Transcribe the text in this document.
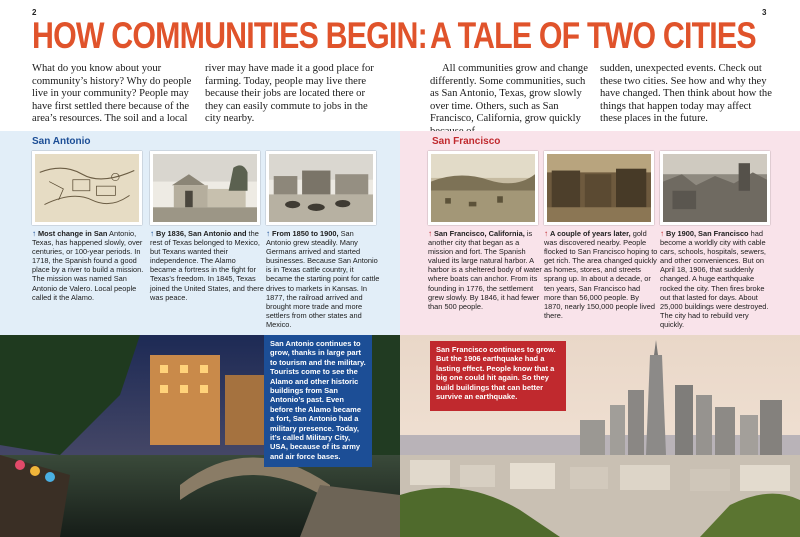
2	3
HOW COMMUNITIES BEGIN: A TALE OF TWO CITIES

What do you know about your community’s history? Why do people live in your community? People may have first settled there because of the area’s resources. The soil and a local

river may have made it a good place for farming. Today, people may live there because their jobs are located there or they can easily commute to jobs in the city nearby.

All communities grow and change differently. Some communities, such as San Antonio, Texas, grow slowly over time. Others, such as San Francisco, California, grow quickly

sudden, unexpected events. Check out these two cities. See how and why they have changed. Then think about how the things that happen today may affect these places in the future.

San Antonio
↑ Most change in San Antonio, Texas, has happened slowly, over centuries, or 100-year periods. In 1718, the Spanish found a good place by a river to build a mission. The mission was named San Antonio de Valero. Local people called it the Alamo.
↑ By 1836, San Antonio and the rest of Texas belonged to Mexico, but Texans wanted their independence. The Alamo became a fortress in the fight for Texas’s freedom. In 1845, Texas joined the United States, and there was peace.
↑ From 1850 to 1900, San Antonio grew steadily. Many Germans arrived and started businesses. Because San Antonio is in Texas cattle country, it became the starting point for cattle drives to markets in Kansas. In 1877, the railroad arrived and brought more trade and more settlers from other states and Mexico.
San Francisco
↑ San Francisco, California, is another city that began as a mission and fort. The Spanish valued its large natural harbor. A harbor is a sheltered body of water where boats can anchor. From its founding in 1776, the settlement grew slowly. By 1846, it had fewer than 500 people.
↑ A couple of years later, gold was discovered nearby. People flocked to San Francisco hoping to get rich. The area changed quickly as homes, stores, and streets sprang up. In about a decade, or ten years, San Francisco had more than 56,000 people. By 1870, nearly 150,000 people lived there.
↑ By 1900, San Francisco had become a worldly city with cable cars, schools, hospitals, sewers, and other conveniences. But on April 18, 1906, that suddenly changed. A huge earthquake rocked the city. Then fires broke out that lasted for days. About 25,000 buildings were destroyed. The city had to rebuild very quickly.
San Antonio continues to grow, thanks in large part to tourism and the military. Tourists come to see the Alamo and other historic buildings from San Antonio’s past. Even before the Alamo became a fort, San Antonio had a military presence. Today, it’s called Military City, USA, because of its army and air force bases.
San Francisco continues to grow. But the 1906 earthquake had a lasting effect. People know that a big one could hit again. So they build buildings that can better survive an earthquake.
